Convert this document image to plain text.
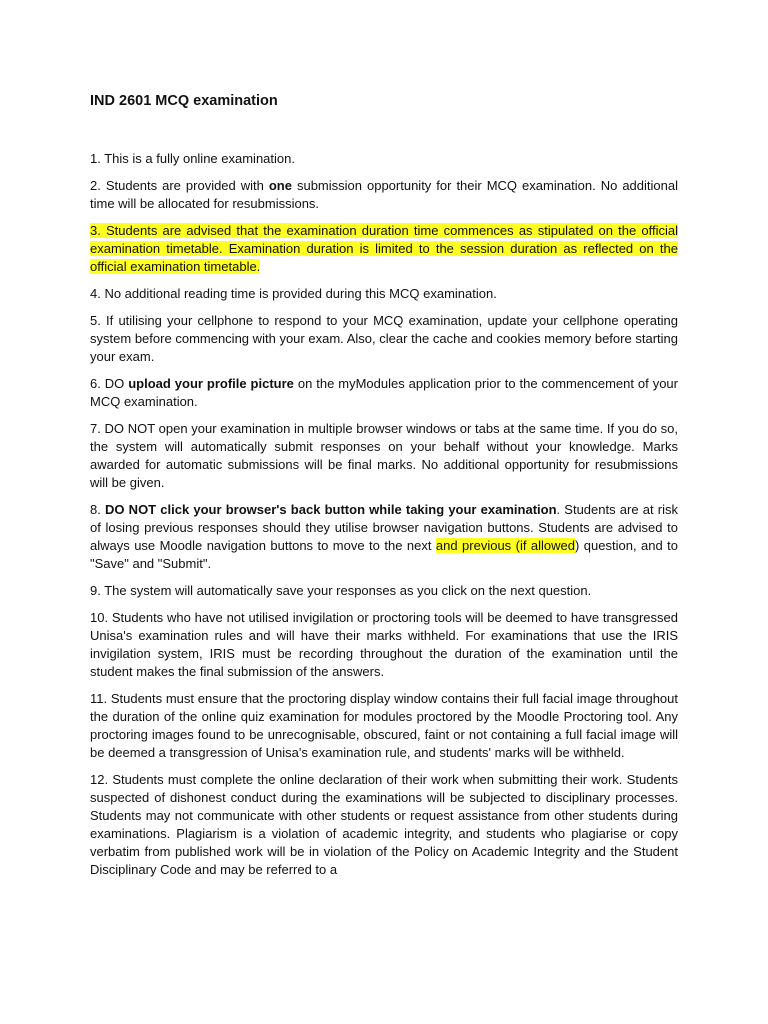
IND 2601 MCQ examination

1. This is a fully online examination.

2. Students are provided with one submission opportunity for their MCQ examination. No additional time will be allocated for resubmissions.

3. Students are advised that the examination duration time commences as stipulated on the official examination timetable. Examination duration is limited to the session duration as reflected on the official examination timetable.

4. No additional reading time is provided during this MCQ examination.

5. If utilising your cellphone to respond to your MCQ examination, update your cellphone operating system before commencing with your exam. Also, clear the cache and cookies memory before starting your exam.

6. DO upload your profile picture on the myModules application prior to the commencement of your MCQ examination.

7. DO NOT open your examination in multiple browser windows or tabs at the same time. If you do so, the system will automatically submit responses on your behalf without your knowledge. Marks awarded for automatic submissions will be final marks. No additional opportunity for resubmissions will be given.

8. DO NOT click your browser's back button while taking your examination. Students are at risk of losing previous responses should they utilise browser navigation buttons. Students are advised to always use Moodle navigation buttons to move to the next and previous (if allowed) question, and to "Save" and "Submit".

9. The system will automatically save your responses as you click on the next question.

10. Students who have not utilised invigilation or proctoring tools will be deemed to have transgressed Unisa's examination rules and will have their marks withheld. For examinations that use the IRIS invigilation system, IRIS must be recording throughout the duration of the examination until the student makes the final submission of the answers.

11. Students must ensure that the proctoring display window contains their full facial image throughout the duration of the online quiz examination for modules proctored by the Moodle Proctoring tool. Any proctoring images found to be unrecognisable, obscured, faint or not containing a full facial image will be deemed a transgression of Unisa's examination rule, and students' marks will be withheld.

12. Students must complete the online declaration of their work when submitting their work. Students suspected of dishonest conduct during the examinations will be subjected to disciplinary processes. Students may not communicate with other students or request assistance from other students during examinations. Plagiarism is a violation of academic integrity, and students who plagiarise or copy verbatim from published work will be in violation of the Policy on Academic Integrity and the Student Disciplinary Code and may be referred to a
